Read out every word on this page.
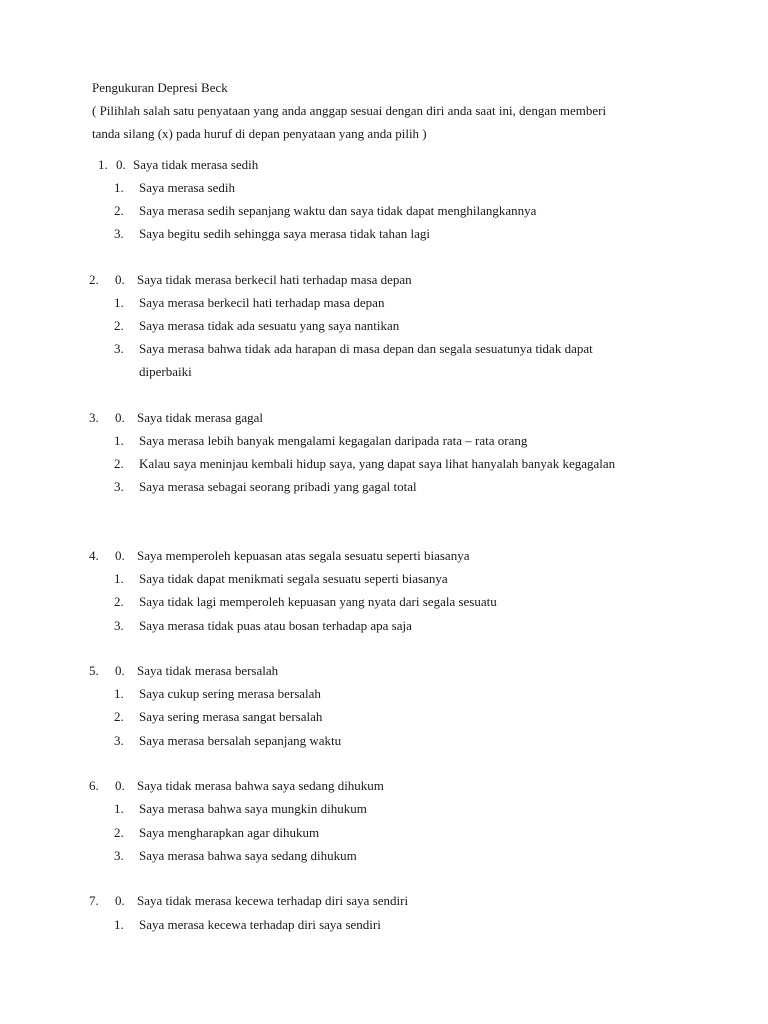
Pengukuran Depresi Beck
( Pilihlah salah satu penyataan yang anda anggap sesuai dengan diri anda saat ini, dengan memberi
tanda silang (x) pada huruf di depan penyataan yang anda pilih )
1. 0. Saya tidak merasa sedih
1. Saya merasa sedih
2. Saya merasa sedih sepanjang waktu dan saya tidak dapat menghilangkannya
3. Saya begitu sedih sehingga saya merasa tidak tahan lagi
2. 0. Saya tidak merasa berkecil hati terhadap masa depan
1. Saya merasa berkecil hati terhadap masa depan
2. Saya merasa tidak ada sesuatu yang saya nantikan
3. Saya merasa bahwa tidak ada harapan di masa depan dan segala sesuatunya tidak dapat
diperbaiki
3. 0. Saya tidak merasa gagal
1. Saya merasa lebih banyak mengalami kegagalan daripada rata – rata orang
2. Kalau saya meninjau kembali hidup saya, yang dapat saya lihat hanyalah banyak kegagalan
3. Saya merasa sebagai seorang pribadi yang gagal total
4. 0. Saya memperoleh kepuasan atas segala sesuatu seperti biasanya
1. Saya tidak dapat menikmati segala sesuatu seperti biasanya
2. Saya tidak lagi memperoleh kepuasan yang nyata dari segala sesuatu
3. Saya merasa tidak puas atau bosan terhadap apa saja
5. 0. Saya tidak merasa bersalah
1. Saya cukup sering merasa bersalah
2. Saya sering merasa sangat bersalah
3. Saya merasa bersalah sepanjang waktu
6. 0. Saya tidak merasa bahwa saya sedang dihukum
1. Saya merasa bahwa saya mungkin dihukum
2. Saya mengharapkan agar dihukum
3. Saya merasa bahwa saya sedang dihukum
7. 0. Saya tidak merasa kecewa terhadap diri saya sendiri
1. Saya merasa kecewa terhadap diri saya sendiri
